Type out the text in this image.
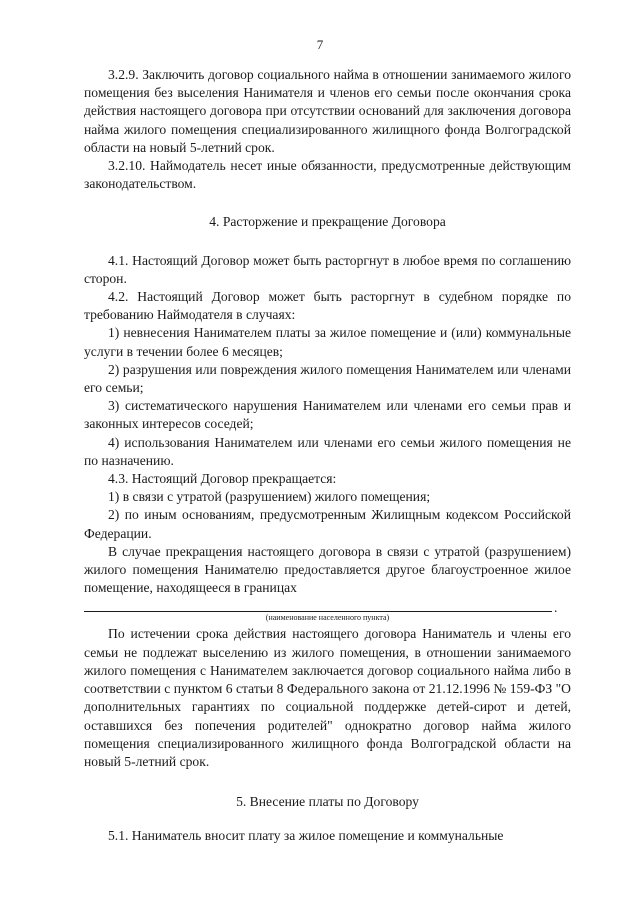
7

3.2.9. Заключить договор социального найма в отношении занимаемого жилого помещения без выселения Нанимателя и членов его семьи после окончания срока действия настоящего договора при отсутствии оснований для заключения договора найма жилого помещения специализированного жилищного фонда Волгоградской области на новый 5-летний срок.

3.2.10. Наймодатель несет иные обязанности, предусмотренные действующим законодательством.

4. Расторжение и прекращение Договора

4.1. Настоящий Договор может быть расторгнут в любое время по соглашению сторон.

4.2. Настоящий Договор может быть расторгнут в судебном порядке по требованию Наймодателя в случаях:

1) невнесения Нанимателем платы за жилое помещение и (или) коммунальные услуги в течении более 6 месяцев;

2) разрушения или повреждения жилого помещения Нанимателем или членами его семьи;

3) систематического нарушения Нанимателем или членами его семьи прав и законных интересов соседей;

4) использования Нанимателем или членами его семьи жилого помещения не по назначению.

4.3. Настоящий Договор прекращается:

1) в связи с утратой (разрушением) жилого помещения;

2) по иным основаниям, предусмотренным Жилищным кодексом Российской Федерации.

В случае прекращения настоящего договора в связи с утратой (разрушением) жилого помещения Нанимателю предоставляется другое благоустроенное жилое помещение, находящееся в границах

.
(наименование населенного пункта)

По истечении срока действия настоящего договора Наниматель и члены его семьи не подлежат выселению из жилого помещения, в отношении занимаемого жилого помещения с Нанимателем заключается договор социального найма либо в соответствии с пунктом 6 статьи 8 Федерального закона от 21.12.1996 № 159-ФЗ "О дополнительных гарантиях по социальной поддержке детей-сирот и детей, оставшихся без попечения родителей" однократно договор найма жилого помещения специализированного жилищного фонда Волгоградской области на новый 5-летний срок.

5. Внесение платы по Договору

5.1. Наниматель вносит плату за жилое помещение и коммунальные
